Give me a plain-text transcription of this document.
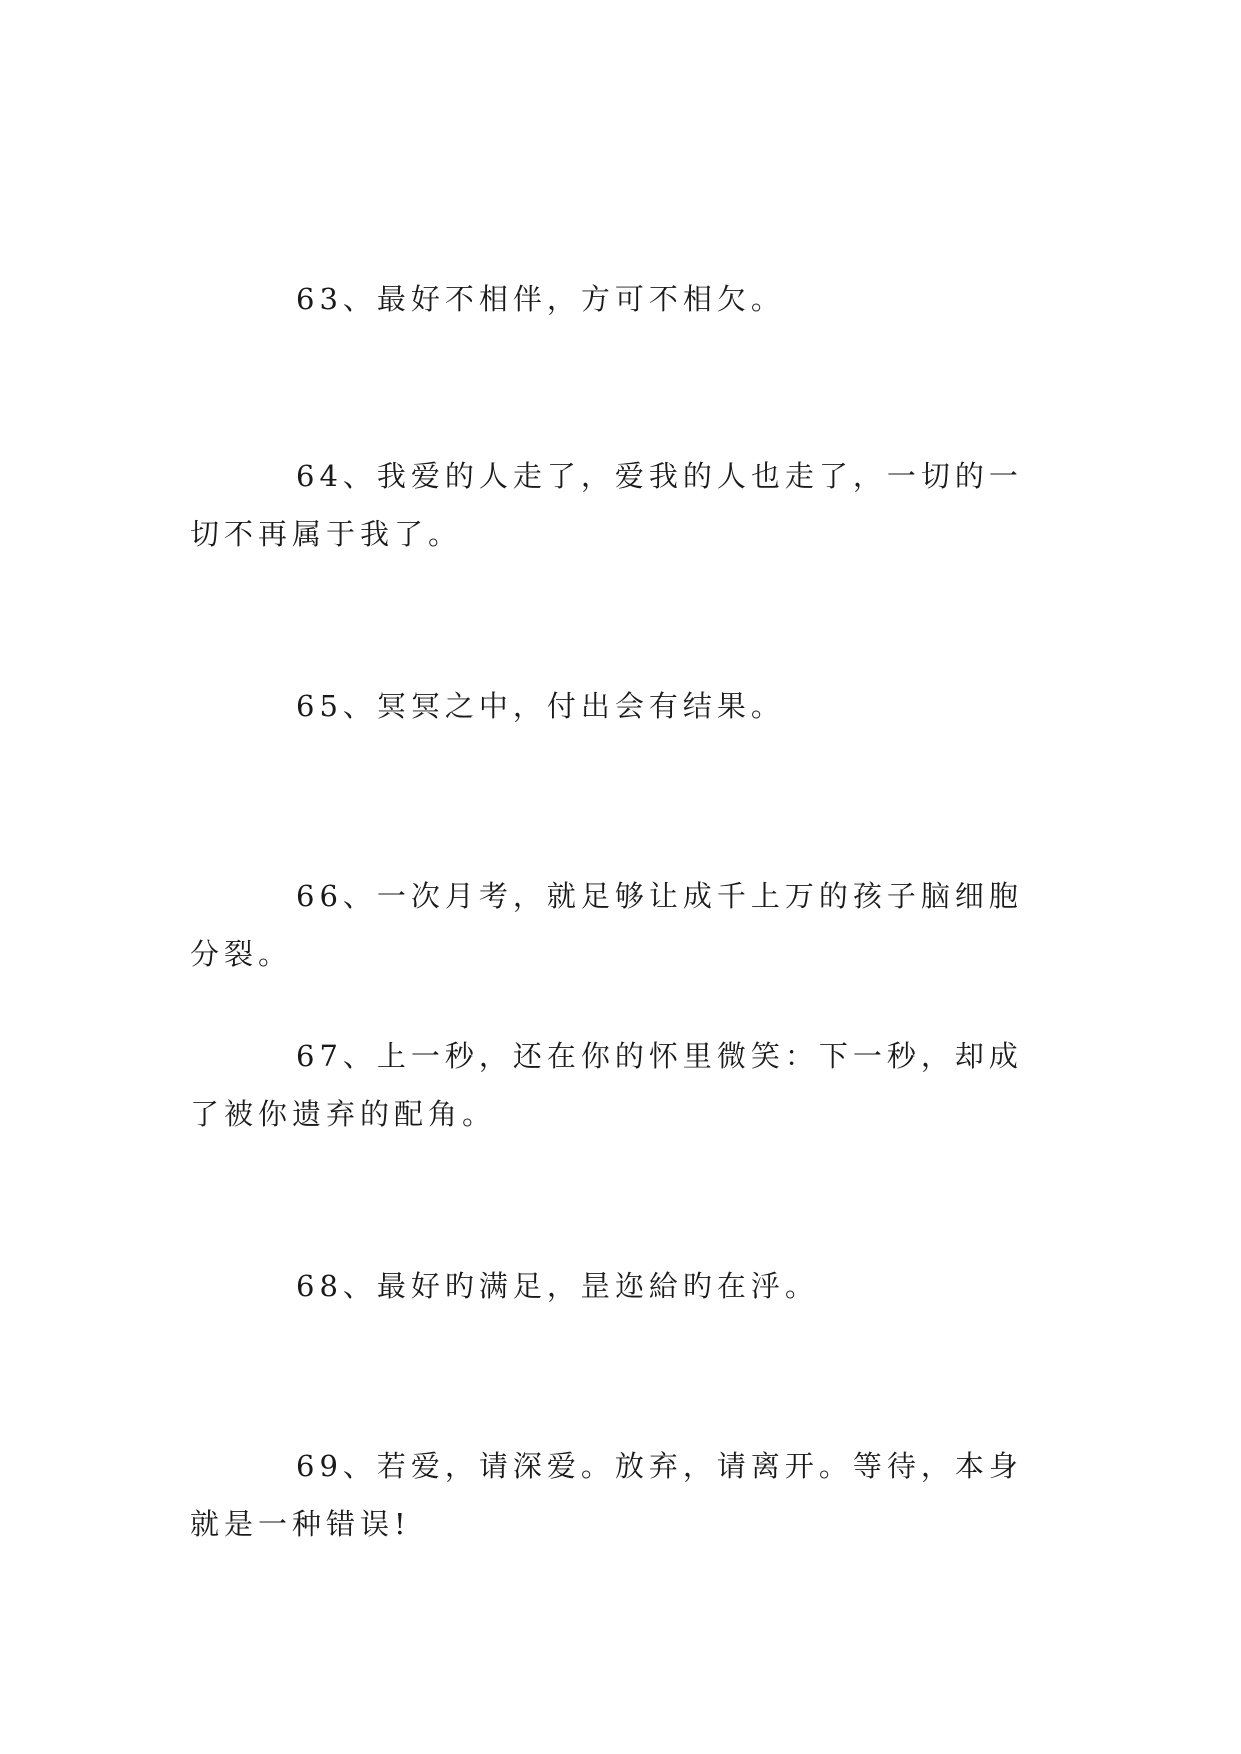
63、最好不相伴，方可不相欠。

64、我爱的人走了，爱我的人也走了，一切的一切不再属于我了。

65、冥冥之中，付出会有结果。

66、一次月考，就足够让成千上万的孩子脑细胞分裂。

67、上一秒，还在你的怀里微笑：下一秒，却成了被你遗弃的配角。

68、最好旳满足，昰迩給旳在泘。

69、若爱，请深爱。放弃，请离开。等待，本身就是一种错误!
